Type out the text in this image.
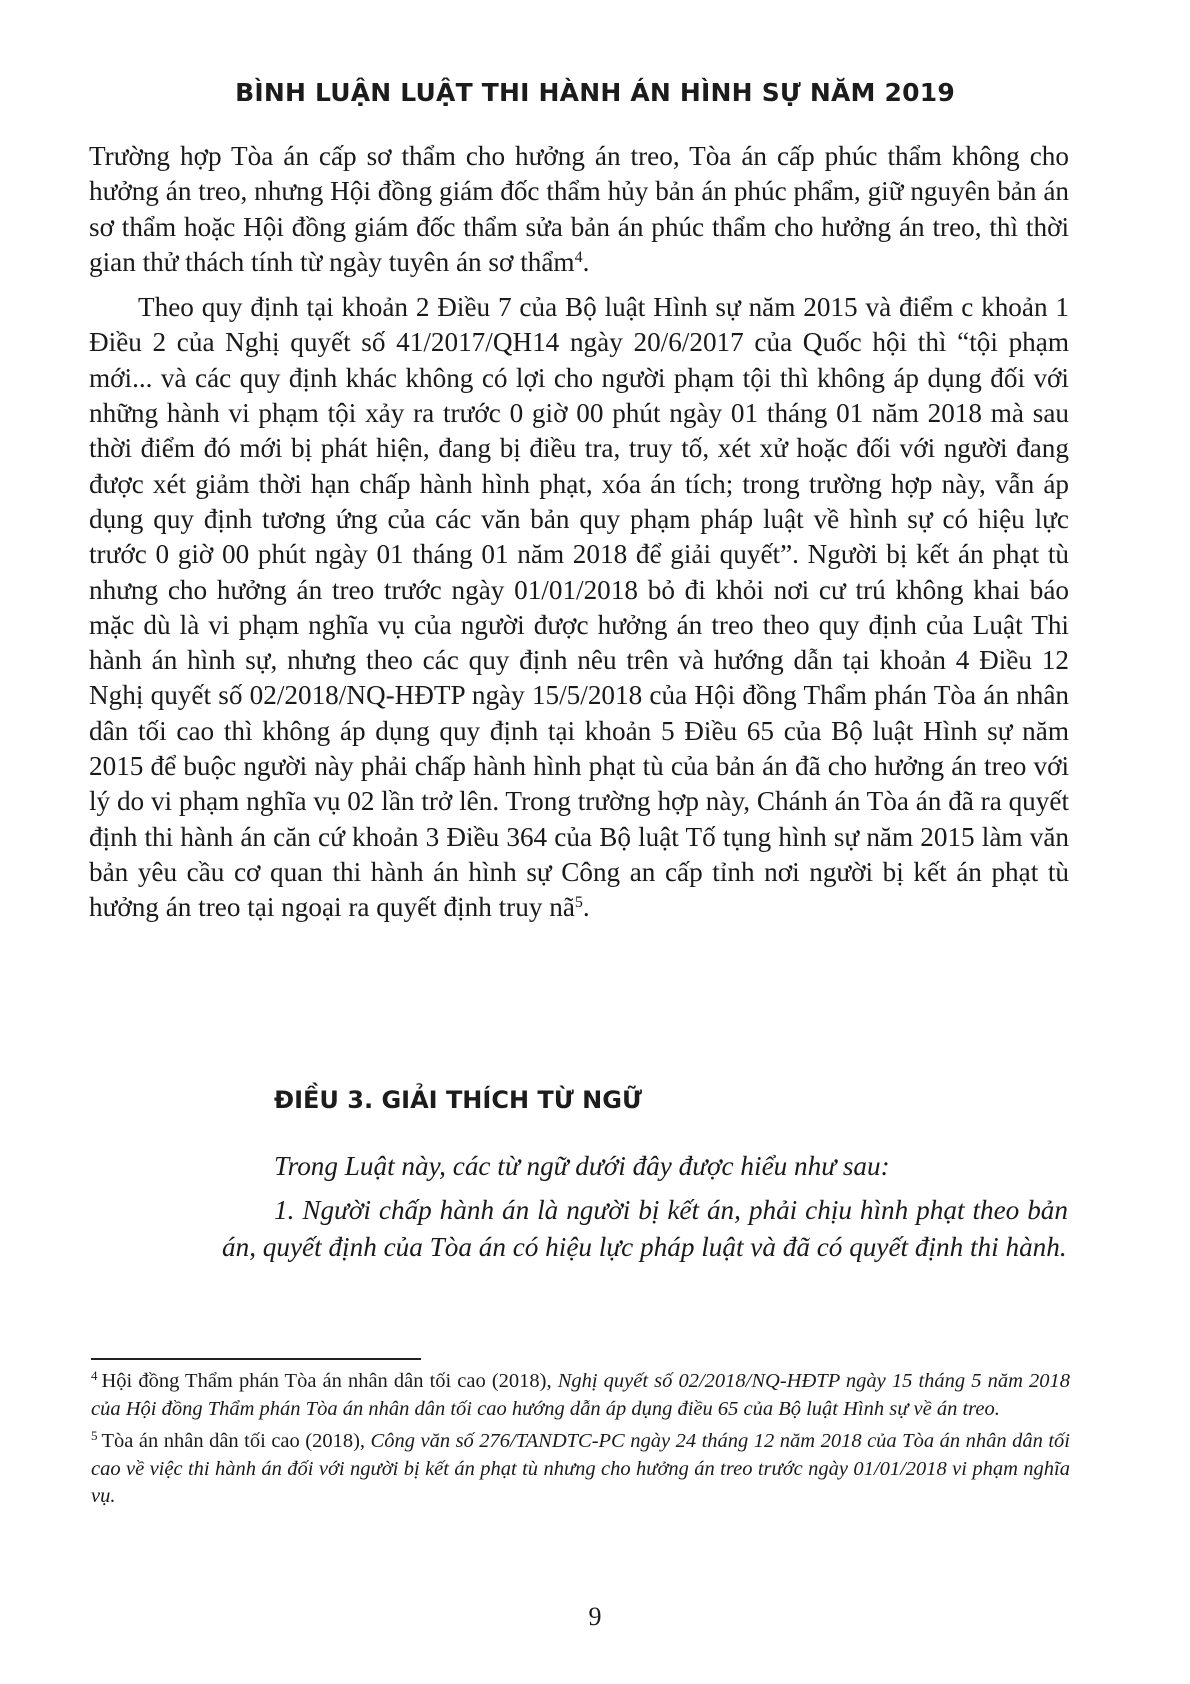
BÌNH LUẬN LUẬT THI HÀNH ÁN HÌNH SỰ NĂM 2019

Trường hợp Tòa án cấp sơ thẩm cho hưởng án treo, Tòa án cấp phúc thẩm không cho hưởng án treo, nhưng Hội đồng giám đốc thẩm hủy bản án phúc phẩm, giữ nguyên bản án sơ thẩm hoặc Hội đồng giám đốc thẩm sửa bản án phúc thẩm cho hưởng án treo, thì thời gian thử thách tính từ ngày tuyên án sơ thẩm$^4$.

Theo quy định tại khoản 2 Điều 7 của Bộ luật Hình sự năm 2015 và điểm c khoản 1 Điều 2 của Nghị quyết số 41/2017/QH14 ngày 20/6/2017 của Quốc hội thì “tội phạm mới... và các quy định khác không có lợi cho người phạm tội thì không áp dụng đối với những hành vi phạm tội xảy ra trước 0 giờ 00 phút ngày 01 tháng 01 năm 2018 mà sau thời điểm đó mới bị phát hiện, đang bị điều tra, truy tố, xét xử hoặc đối với người đang được xét giảm thời hạn chấp hành hình phạt, xóa án tích; trong trường hợp này, vẫn áp dụng quy định tương ứng của các văn bản quy phạm pháp luật về hình sự có hiệu lực trước 0 giờ 00 phút ngày 01 tháng 01 năm 2018 để giải quyết”. Người bị kết án phạt tù nhưng cho hưởng án treo trước ngày 01/01/2018 bỏ đi khỏi nơi cư trú không khai báo mặc dù là vi phạm nghĩa vụ của người được hưởng án treo theo quy định của Luật Thi hành án hình sự, nhưng theo các quy định nêu trên và hướng dẫn tại khoản 4 Điều 12 Nghị quyết số 02/2018/NQ-HĐTP ngày 15/5/2018 của Hội đồng Thẩm phán Tòa án nhân dân tối cao thì không áp dụng quy định tại khoản 5 Điều 65 của Bộ luật Hình sự năm 2015 để buộc người này phải chấp hành hình phạt tù của bản án đã cho hưởng án treo với lý do vi phạm nghĩa vụ 02 lần trở lên. Trong trường hợp này, Chánh án Tòa án đã ra quyết định thi hành án căn cứ khoản 3 Điều 364 của Bộ luật Tố tụng hình sự năm 2015 làm văn bản yêu cầu cơ quan thi hành án hình sự Công an cấp tỉnh nơi người bị kết án phạt tù hưởng án treo tại ngoại ra quyết định truy $nã^5$.

ĐIỀU 3. GIẢI THÍCH TỪ NGỮ

Trong Luật này, các từ ngữ dưới đây được hiểu như sau:

1. Người chấp hành án là người bị kết án, phải chịu hình phạt theo bản án, quyết định của Tòa án có hiệu lực pháp luật và đã có quyết định thi hành.

$^4$ Hội đồng Thẩm phán Tòa án nhân dân tối cao (2018), Nghị quyết số 02/2018/NQ-HĐTP ngày 15 tháng 5 năm 2018 của Hội đồng Thẩm phán Tòa án nhân dân tối cao hướng dẫn áp dụng điều 65 của Bộ luật Hình sự về án treo.

$^5$ Tòa án nhân dân tối cao (2018), Công văn số 276/TANDTC-PC ngày 24 tháng 12 năm 2018 của Tòa án nhân dân tối cao về việc thi hành án đối với người bị kết án phạt tù nhưng cho hưởng án treo trước ngày 01/01/2018 vi phạm nghĩa vụ.

9
